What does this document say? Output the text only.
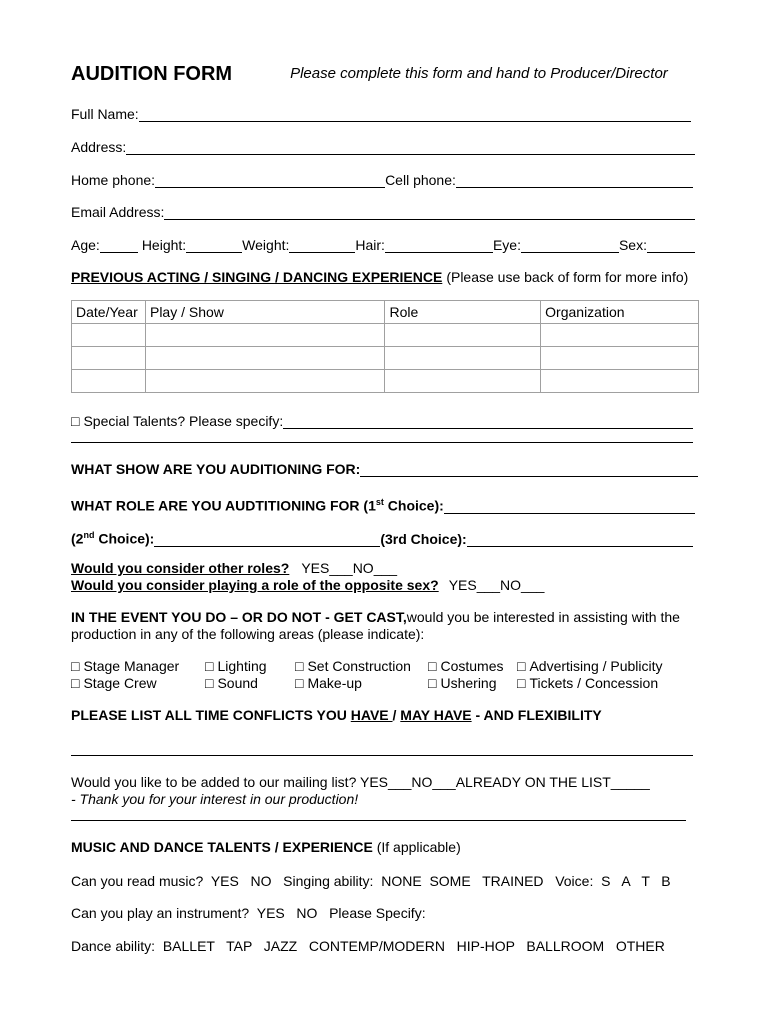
AUDITION FORM	Please complete this form and hand to Producer/Director
Full Name:
Address:
Home phone:	Cell phone:
Email Address:
Age:	Height:	Weight:	Hair:	Eye:	Sex:
PREVIOUS ACTING / SINGING / DANCING EXPERIENCE (Please use back of form for more info)
Date/Year	Play / Show	Role	Organization

□ Special Talents? Please specify:
WHAT SHOW ARE YOU AUDITIONING FOR:
WHAT ROLE ARE YOU AUDTITIONING FOR (1st Choice):
(2nd Choice):	(3rd Choice):
Would you consider other roles? YES___NO___
Would you consider playing a role of the opposite sex? YES___NO___
IN THE EVENT YOU DO – OR DO NOT - GET CAST, would you be interested in assisting with the
production in any of the following areas (please indicate):
□ Stage Manager □ Lighting □ Set Construction □ Costumes □ Advertising / Publicity
□ Stage Crew	□ Sound	□ Make-up	□ Ushering □ Tickets / Concession
PLEASE LIST ALL TIME CONFLICTS YOU HAVE / MAY HAVE - AND FLEXIBILITY
Would you like to be added to our mailing list? YES___NO___ALREADY ON THE LIST_____
- Thank you for your interest in our production!
MUSIC AND DANCE TALENTS / EXPERIENCE (If applicable)
Can you read music?  YES   NO   Singing ability:  NONE  SOME   TRAINED   Voice:  S   A   T   B
Can you play an instrument?  YES   NO   Please Specify:
Dance ability:  BALLET   TAP   JAZZ   CONTEMP/MODERN   HIP-HOP   BALLROOM   OTHER
